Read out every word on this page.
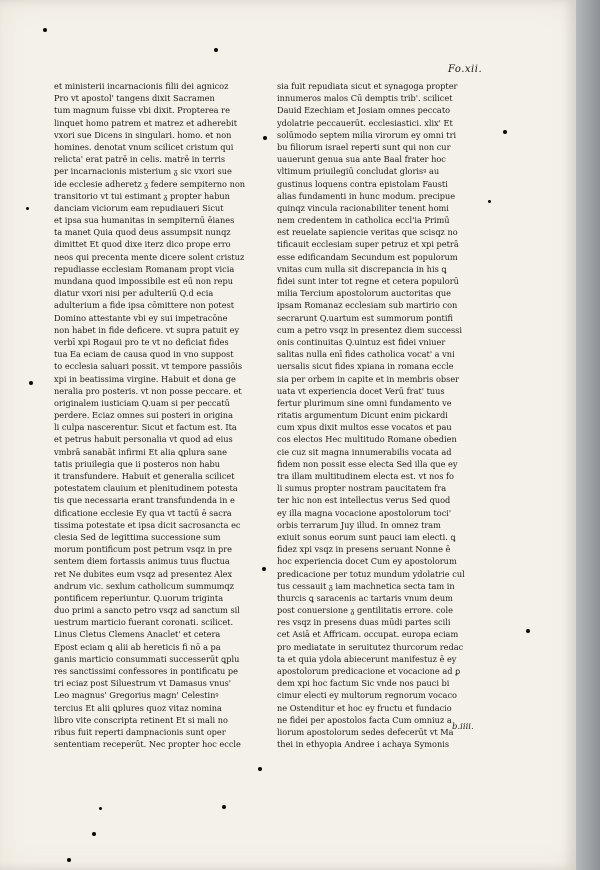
Fo.xii.
et ministerii incarnacionis filii dei agnicoz
Pro vt apostol' tangens dixit Sacramen
tum magnum fuisse vbi dixit. Propterea re
linquet homo patrem et matrez et adherebit
vxori sue Dicens in singulari. homo. et non
homines. denotat vnum scilicet cristum qui
relicta' erat patrē in celis. matrē in terris
per incarnacionis misterium ᵹ sic vxori sue
ide ecclesie adheretz ᵹ federe sempiterno non
transitorio vt tui estimant ᵹ propter habun
danciam viciorum eam repudiaueri Sicut
et ipsa sua humanitas in sempiternū ēianes
ta manet Quia quod deus assumpsit nunqz
dimittet Et quod dixe iterz dico prope erro
neos qui precenta mente dicere solent cristuz
repudiasse ecclesiam Romanam propt vicia
mundana quod impossibile est eū non repu
diatur vxori nisi per adulteriū Q.d ecia
adulterium a fide ipsa cōmittere non potest
Domino attestante vbi ey sui impetracōne
non habet in fide deficere. vt supra patuit ey
verbī xpi Rogaui pro te vt no deficiat fides
tua Ea eciam de causa quod in vno suppost
to ecclesia saluari possit. vt tempore passiōis
xpi in beatissima virgine. Habuit et dona ge
neralia pro posteris. vt non posse peccare. et
originalem iusticiam Q.uam si per peccatū
perdere. Eciaz omnes sui posteri in origina
li culpa nascerentur. Sicut et factum est. Ita
et petrus habuit personalia vt quod ad eius
vmbrā sanabāt infirmi Et alia ꝗplura sane
tatis priuilegia que ii posteros non habu
it transfundere. Habuit et generalia scilicet
potestatem clauium et plenitudinem potesta
tis que necessaria erant transfundenda in e
dificatione ecclesie Ey qua vt tactū ē sacra
tissima potestate et ipsa dicit sacrosancta ec
clesia Sed de legittima successione sum
morum pontificum post petrum vsqz in pre
sentem diem fortassis animus tuus fluctua
ret Ne dubites eum vsqz ad presentez Alex
andrum vic. sexlum catholicum summumqz
pontificem reperiuntur. Q.uorum triginta
duo primi a sancto petro vsqz ad sanctum sil
uestrum marticio fuerant coronati. scilicet.
Linus Cletus Clemens Anaclet' et cetera
Epost eciam ꝗ alii ab hereticis fi nō a pa
ganis marticio consummati successerūt ꝗplu
res sanctissimi confessores in pontificatu pe
tri eciaz post Siluestrum vt Damasus vnus'
Leo magnus' Gregorius magn' Celestinꝰ
tercius Et alii ꝗplures quoz vitaz nomina
libro vite conscripta retinent Et si mali no
ribus fuit reperti dampnacionis sunt oper
sententiam receperūt. Nec propter hoc eccle
sia fuit repudiata sicut et synagoga propter
innumeros malos Cū demptis trib'. scilicet
Dauid Ezechiam et Josiam omnes peccato
ydolatrie peccauerūt. ecclesiastici. xlix' Et
solūmodo septem milia virorum ey omni tri
bu filiorum israel reperti sunt qui non cur
uauerunt genua sua ante Baal frater hoc
vltimum priuilegiū concludat glorisꝰ au
gustinus loquens contra epistolam Fausti
alias fundamenti in hunc modum. precipue
quinqz vincula racionabiliter tenent homi
nem credentem in catholica eccl'ia Primū
est reuelate sapiencie veritas que scisqz no
tificauit ecclesiam super petruz et xpi petrā
esse edificandam Secundum est populorum
vnitas cum nulla sit discrepancia in his ꝗ
fidei sunt inter tot regne et cetera populorū
milia Tercium apostolorum auctoritas que
ipsam Romanaz ecclesiam sub martirio con
secrarunt Q.uartum est summorum pontifi
cum a petro vsqz in presentez diem successi
onis continuitas Q.uintuz est fidei vniuer
salitas nulla enī fides catholica vocat' a vni
uersalis sicut fides xpiana in romana eccle
sia per orbem in capite et in membris obser
uata vt experiencia docet Verū frat' tuus
fertur plurimum sine omni fundamento ve
ritatis argumentum Dicunt enim pickardi
cum xpus dixit multos esse vocatos et pau
cos electos Hec multitudo Romane obedien
cie cuz sit magna innumerabilis vocata ad
fidem non possit esse electa Sed illa que ey
tra illam multitudinem electa est. vt nos fo
li sumus propter nostram paucitatem fra
ter hic non est intellectus verus Sed quod
ey illa magna vocacione apostolorum toci'
orbis terrarum Juy illud. In omnez tram
exiuit sonus eorum sunt pauci iam electi. ꝗ
fidez xpi vsqz in presens seruant Nonne ē
hoc experiencia docet Cum ey apostolorum
predicacione per totuz mundum ydolatrie cul
tus cessauit ᵹ iam machnetica secta tam in
thurcis ꝗ saracenis ac tartaris vnum deum
post conuersione ᵹ gentilitatis errore. cole
res vsqz in presens duas mūdi partes scili
cet Asiā et Affricam. occupat. europa eciam
pro mediatate in seruitutez thurcorum redac
ta et quia ydola abiecerunt manifestuz ē ey
apostolorum predicacione et vocacione ad ꝑ
dem xpi hoc factum Sic vnde nos pauci bi
cimur electi ey multorum regnorum vocaco
ne Ostenditur et hoc ey fructu et fundacio
ne fidei per apostolos facta Cum omniuz a
liorum apostolorum sedes defecerūt vt Ma
thei in ethyopia Andree i achaya Symonis
b.iiii.
